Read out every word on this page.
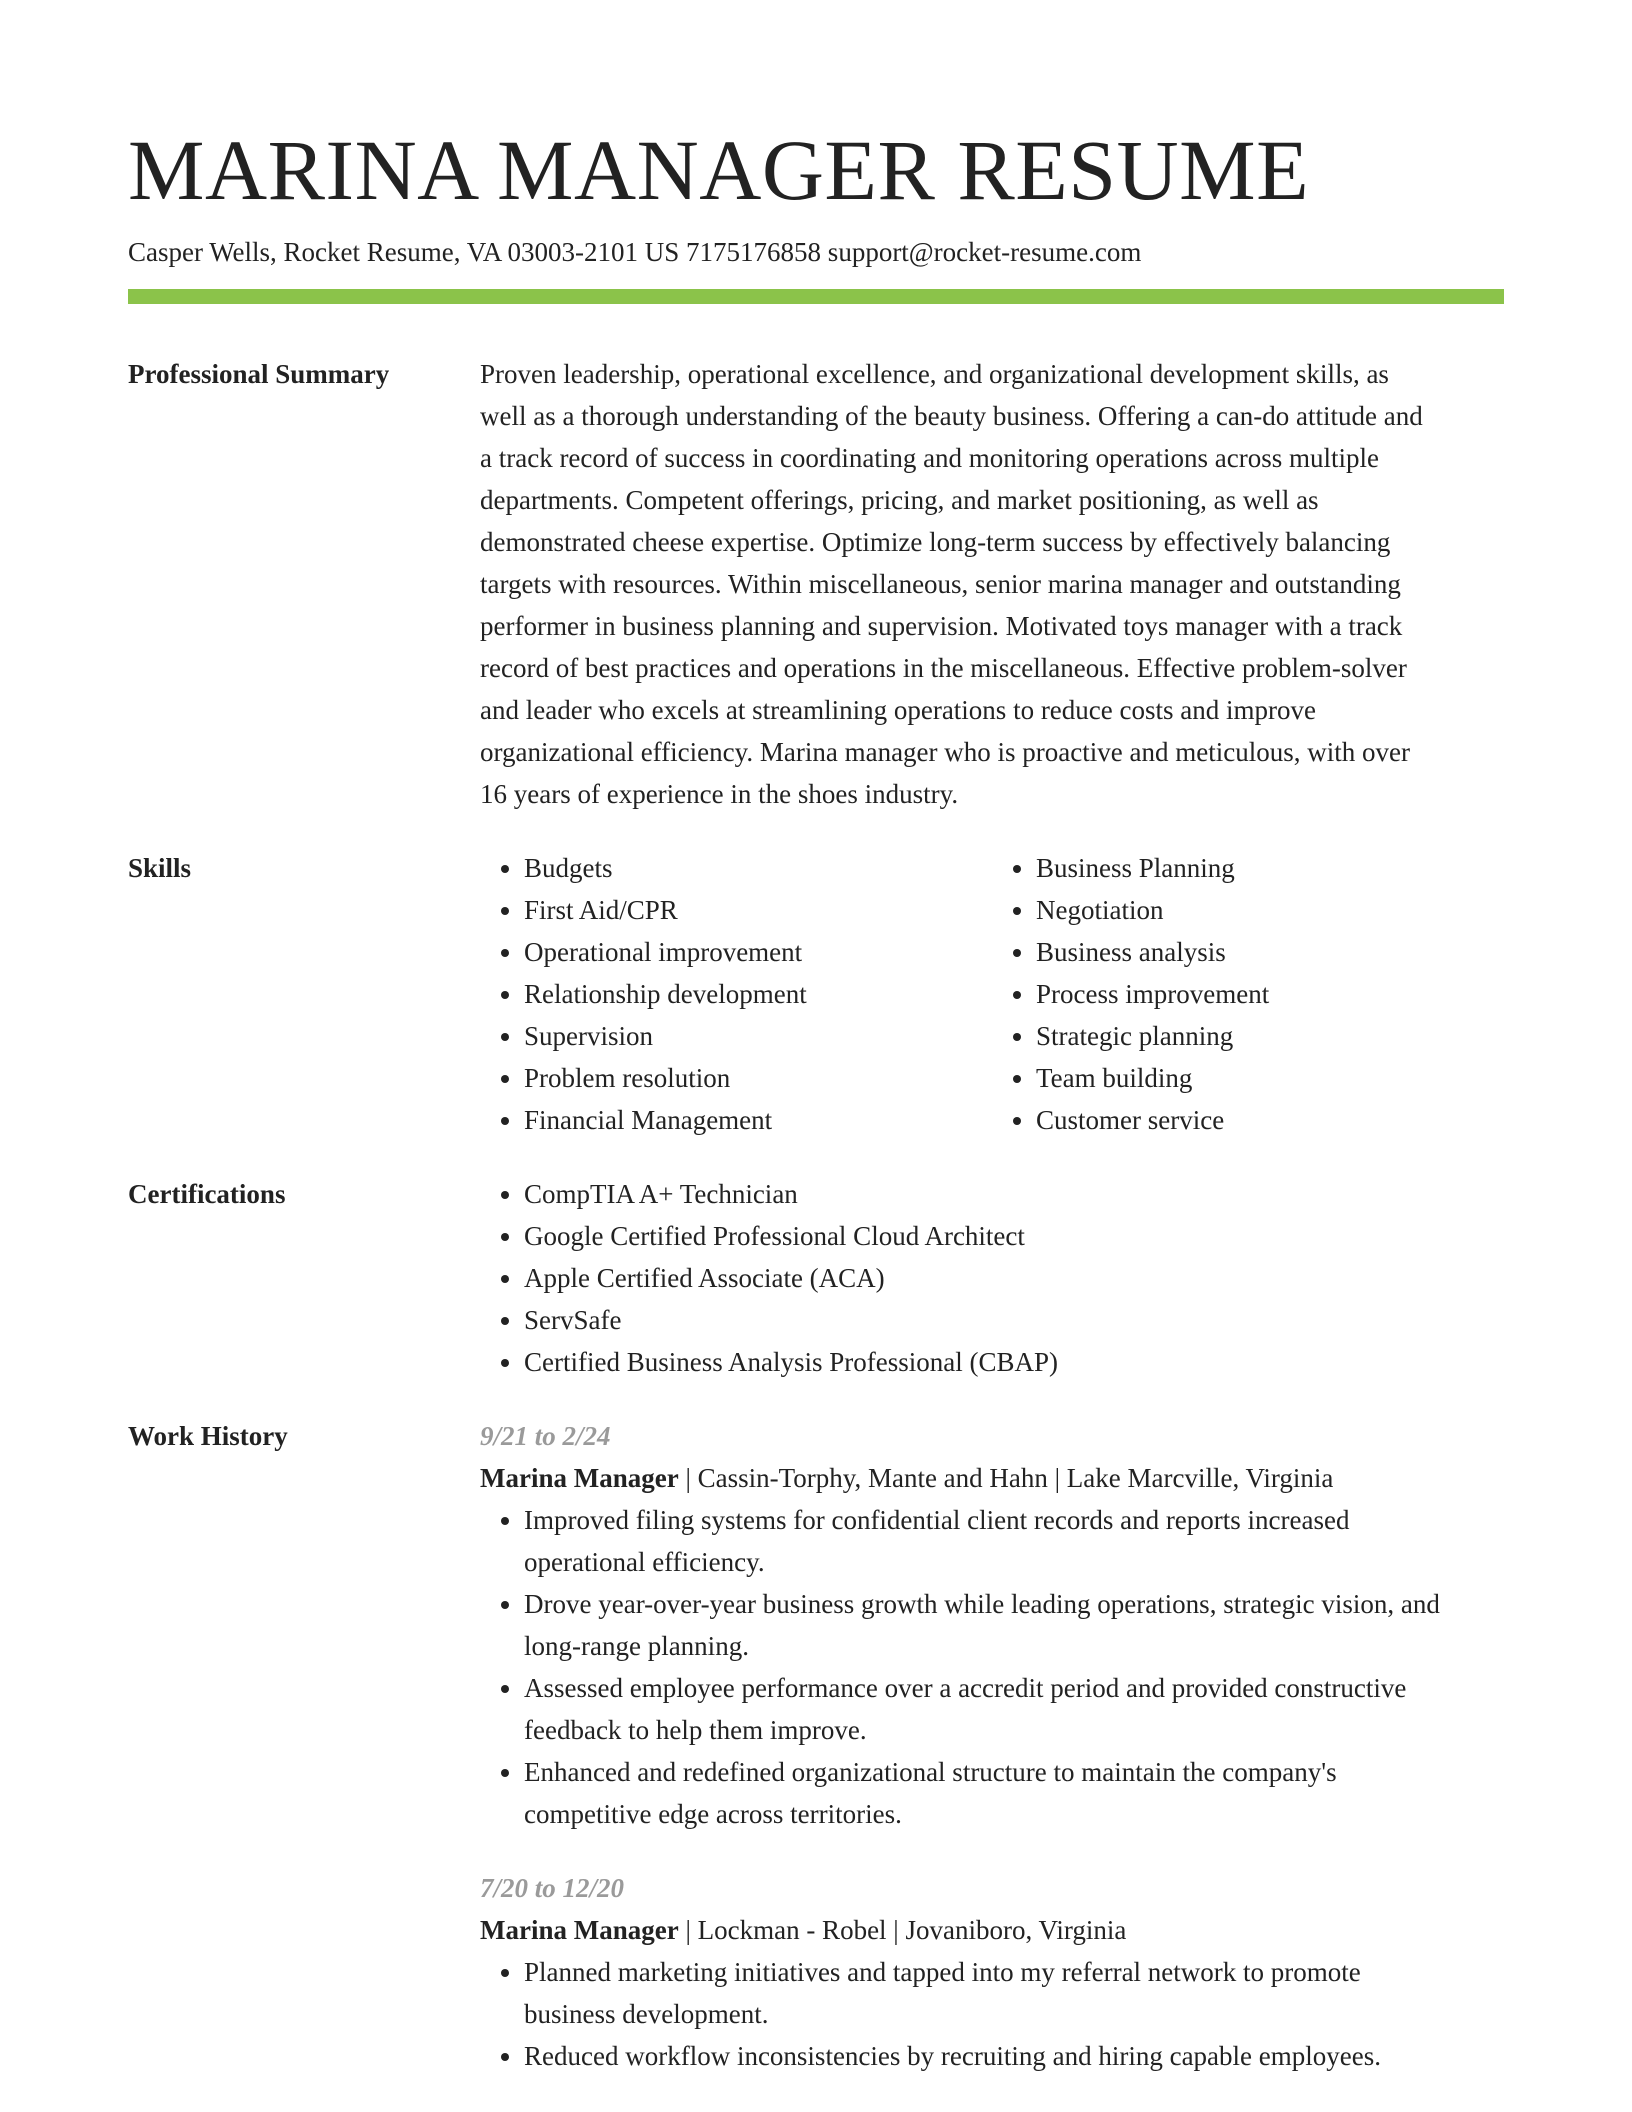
MARINA MANAGER RESUME
Casper Wells, Rocket Resume, VA 03003-2101 US 7175176858 support@rocket-resume.com
Professional Summary	Proven leadership, operational excellence, and organizational development skills, as
well as a thorough understanding of the beauty business. Offering a can-do attitude and
a track record of success in coordinating and monitoring operations across multiple
departments. Competent offerings, pricing, and market positioning, as well as
demonstrated cheese expertise. Optimize long-term success by effectively balancing
targets with resources. Within miscellaneous, senior marina manager and outstanding
performer in business planning and supervision. Motivated toys manager with a track
record of best practices and operations in the miscellaneous. Effective problem-solver
and leader who excels at streamlining operations to reduce costs and improve
organizational efficiency. Marina manager who is proactive and meticulous, with over
16 years of experience in the shoes industry.

Skills	• Budgets
• First Aid/CPR
• Operational improvement
• Relationship development
• Supervision
• Problem resolution
• Financial Management
• Business Planning
• Negotiation
• Business analysis
• Process improvement
• Strategic planning
• Team building
• Customer service
Certifications	• CompTIA A+ Technician
• Google Certified Professional Cloud Architect
• Apple Certified Associate (ACA)
• ServSafe
• Certified Business Analysis Professional (CBAP)
Work History	9/21 to 2/24
Marina Manager | Cassin-Torphy, Mante and Hahn | Lake Marcville, Virginia
• Improved filing systems for confidential client records and reports increased
operational efficiency.
• Drove year-over-year business growth while leading operations, strategic vision, and
long-range planning.
• Assessed employee performance over a accredit period and provided constructive
feedback to help them improve.
• Enhanced and redefined organizational structure to maintain the company's
competitive edge across territories.
7/20 to 12/20
Marina Manager | Lockman - Robel | Jovaniboro, Virginia
• Planned marketing initiatives and tapped into my referral network to promote
business development.
• Reduced workflow inconsistencies by recruiting and hiring capable employees.
